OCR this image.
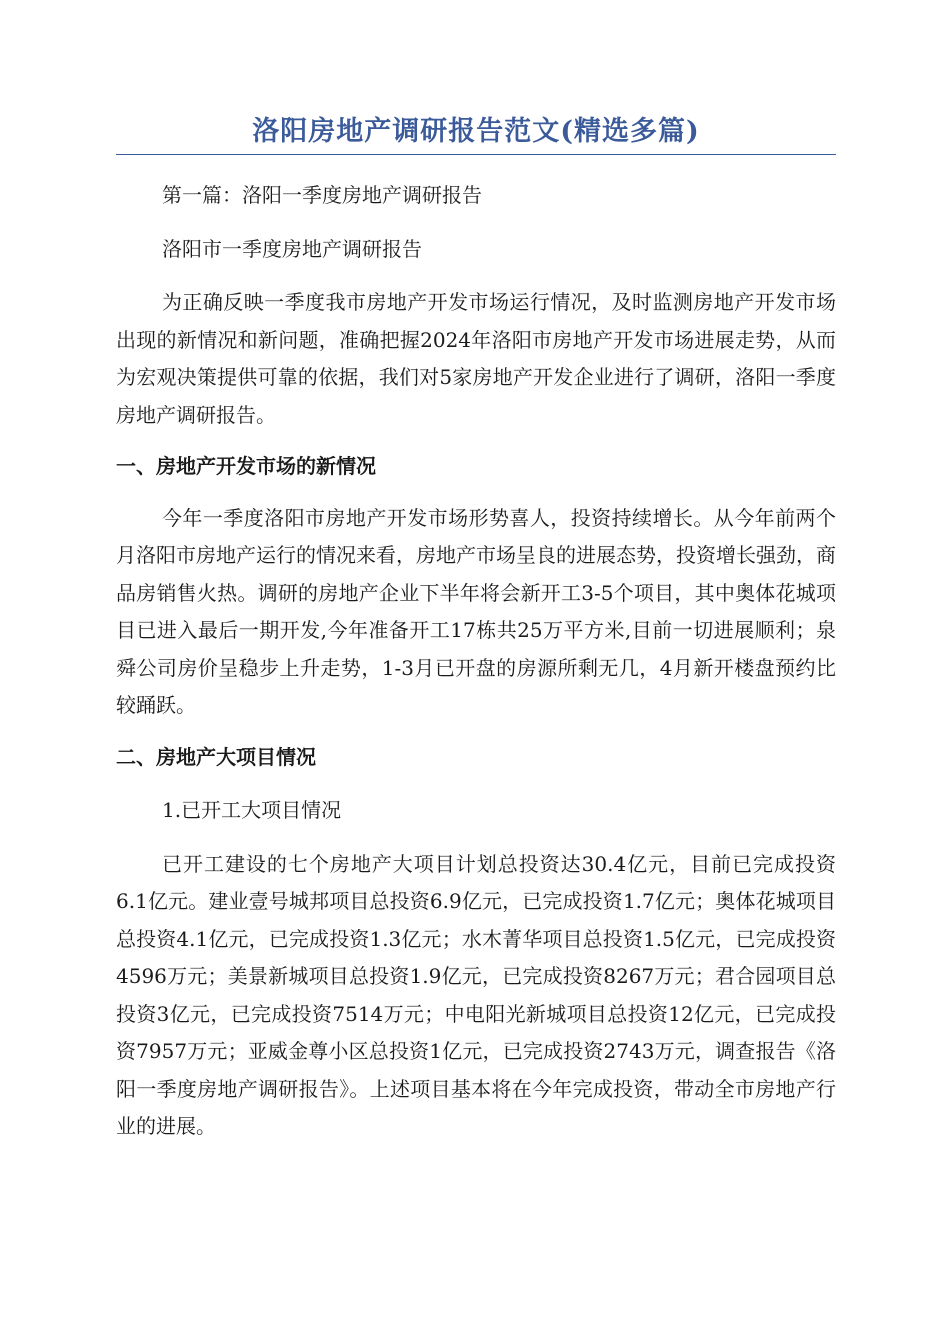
洛阳房地产调研报告范文(精选多篇)

第一篇：洛阳一季度房地产调研报告

洛阳市一季度房地产调研报告

为正确反映一季度我市房地产开发市场运行情况，及时监测房地产开发市场出现的新情况和新问题，准确把握2024年洛阳市房地产开发市场进展走势，从而为宏观决策提供可靠的依据，我们对5家房地产开发企业进行了调研，洛阳一季度房地产调研报告。

一、房地产开发市场的新情况

今年一季度洛阳市房地产开发市场形势喜人，投资持续增长。从今年前两个月洛阳市房地产运行的情况来看，房地产市场呈良的进展态势，投资增长强劲，商品房销售火热。调研的房地产企业下半年将会新开工3-5个项目，其中奥体花城项目已进入最后一期开发,今年准备开工17栋共25万平方米,目前一切进展顺利；泉舜公司房价呈稳步上升走势，1-3月已开盘的房源所剩无几，4月新开楼盘预约比较踊跃。

二、房地产大项目情况

1.已开工大项目情况

已开工建设的七个房地产大项目计划总投资达30.4亿元，目前已完成投资6.1亿元。建业壹号城邦项目总投资6.9亿元，已完成投资1.7亿元；奥体花城项目总投资4.1亿元，已完成投资1.3亿元；水木菁华项目总投资1.5亿元，已完成投资4596万元；美景新城项目总投资1.9亿元，已完成投资8267万元；君合园项目总投资3亿元，已完成投资7514万元；中电阳光新城项目总投资12亿元，已完成投资7957万元；亚威金尊小区总投资1亿元，已完成投资2743万元，调查报告《洛阳一季度房地产调研报告》。上述项目基本将在今年完成投资，带动全市房地产行业的进展。
